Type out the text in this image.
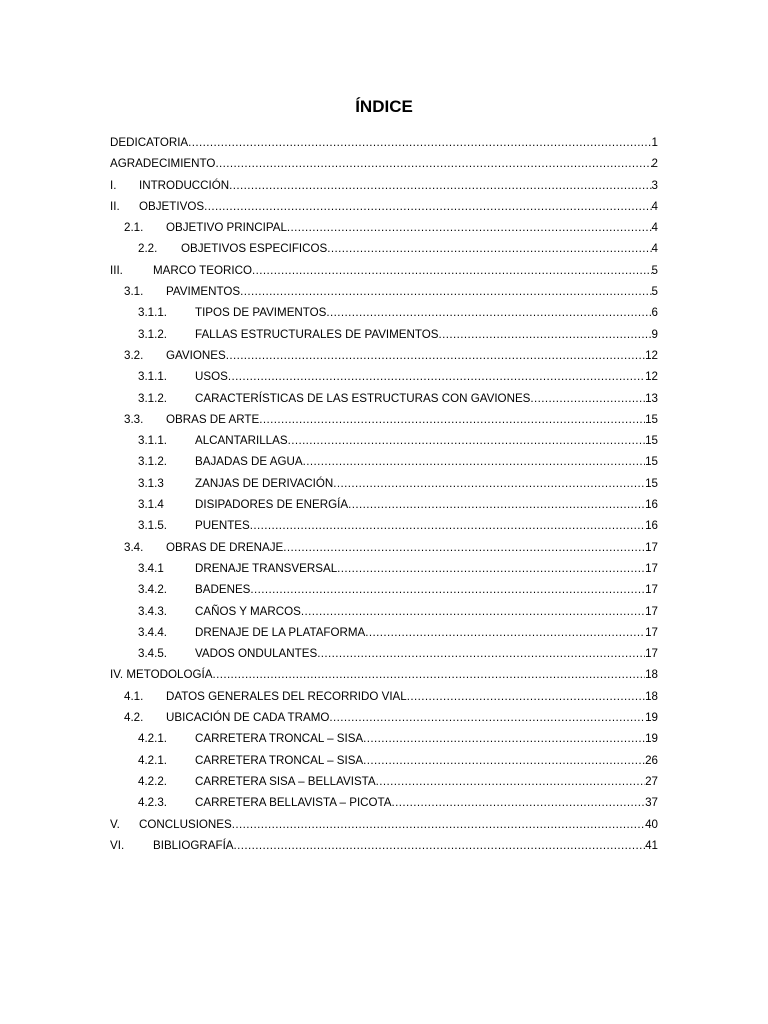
ÍNDICE
DEDICATORIA .....	1
AGRADECIMIENTO .....	2
I. INTRODUCCIÓN .....	3
II. OBJETIVOS .....	4
2.1. OBJETIVO PRINCIPAL .....	4
2.2. OBJETIVOS ESPECIFICOS .....	4
III.	MARCO TEORICO .....	5
3.1. PAVIMENTOS .....	5
3.1.1. TIPOS DE PAVIMENTOS .....	6
3.1.2. FALLAS ESTRUCTURALES DE PAVIMENTOS .....	9
3.2. GAVIONES .....	12
3.1.1. USOS .....	12
3.1.2. CARACTERÍSTICAS DE LAS ESTRUCTURAS CON GAVIONES .....	13
3.3. OBRAS DE ARTE .....	15
3.1.1. ALCANTARILLAS .....	15
3.1.2. BAJADAS DE AGUA .....	15
3.1.3	ZANJAS DE DERIVACIÓN .....	15
3.1.4	DISIPADORES DE ENERGÍA .....	16
3.1.5. PUENTES .....	16
3.4. OBRAS DE DRENAJE .....	17
3.4.1	DRENAJE TRANSVERSAL .....	17
3.4.2. BADENES .....	17
3.4.3. CAÑOS Y MARCOS .....	17
3.4.4. DRENAJE DE LA PLATAFORMA .....	17
3.4.5. VADOS ONDULANTES .....	17
IV. METODOLOGÍA .....	18
4.1. DATOS GENERALES DEL RECORRIDO VIAL .....	18
4.2. UBICACIÓN DE CADA TRAMO .....	19
4.2.1. CARRETERA TRONCAL – SISA .....	19
4.2.1. CARRETERA TRONCAL – SISA .....	26
4.2.2. CARRETERA SISA – BELLAVISTA .....	27
4.2.3. CARRETERA BELLAVISTA – PICOTA .....	37
V. CONCLUSIONES .....	40
VI. BIBLIOGRAFÍA .....	41
